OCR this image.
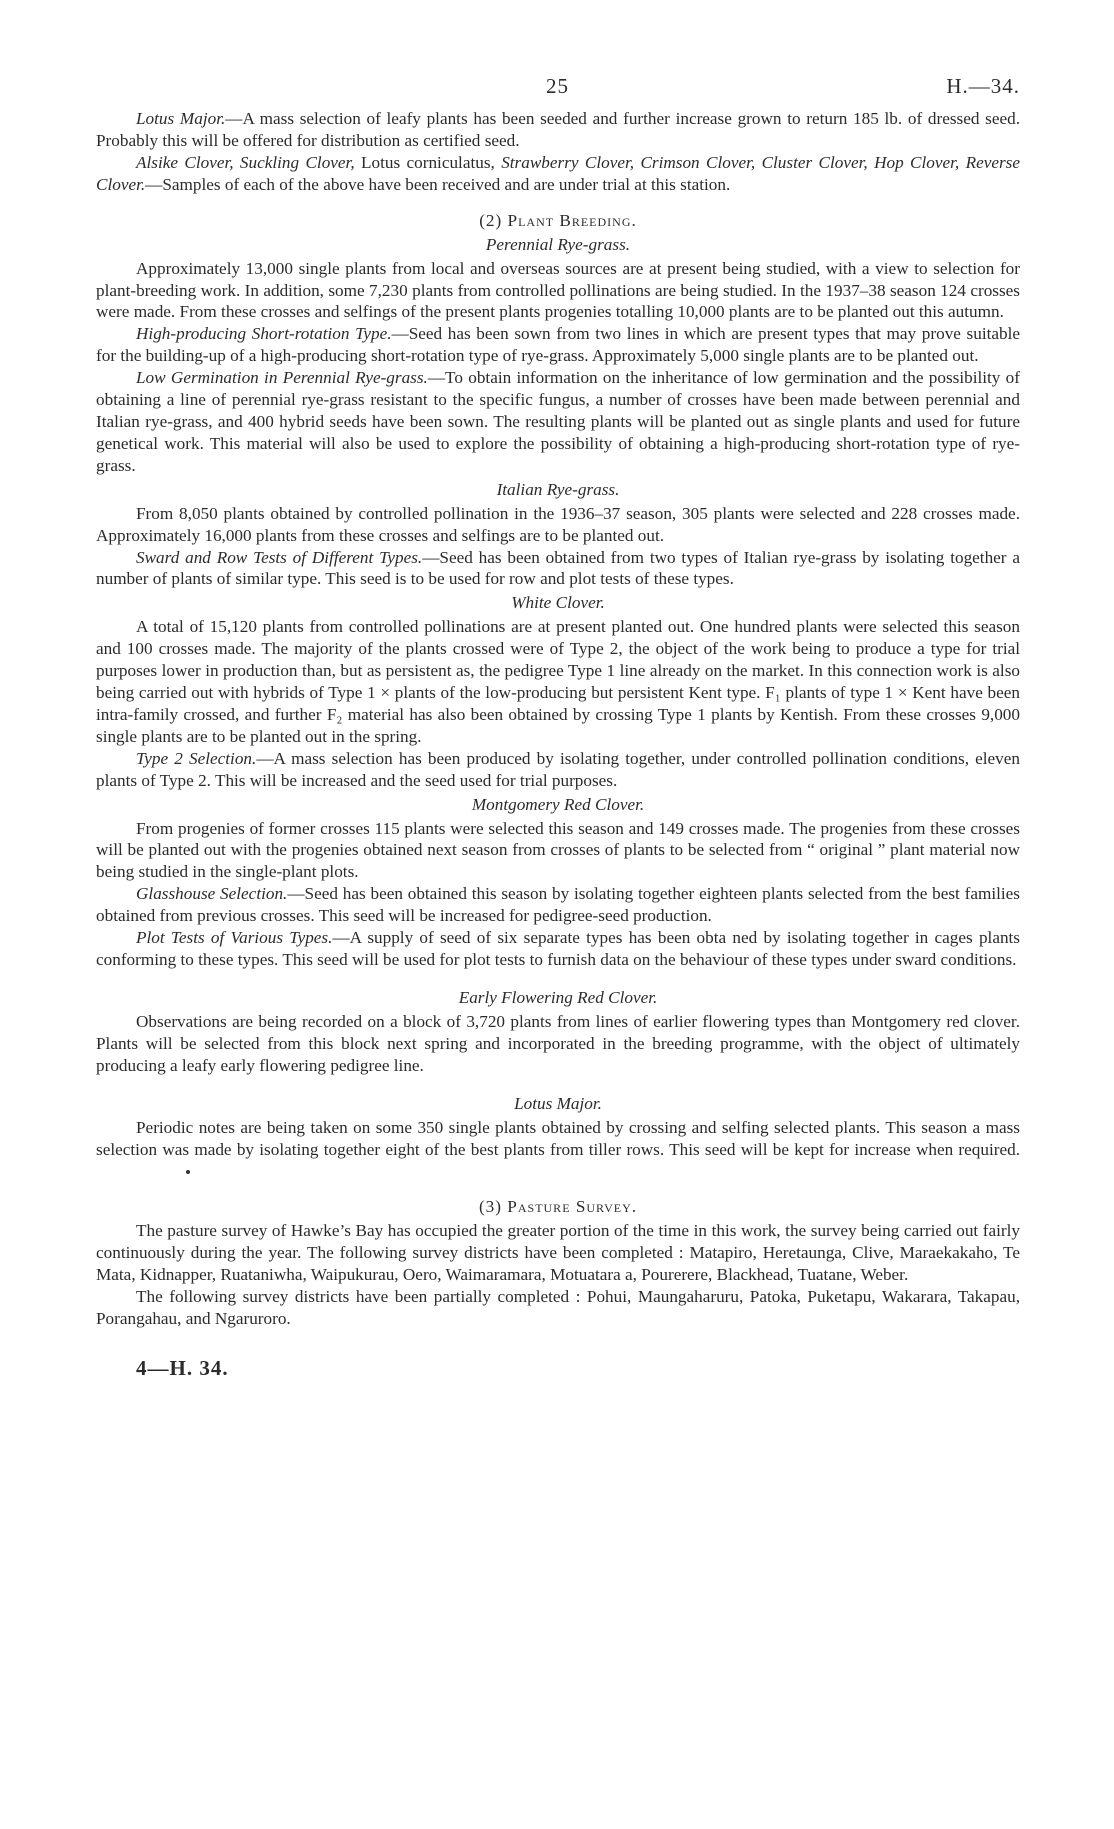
25	H.—34.

Lotus Major.—A mass selection of leafy plants has been seeded and further increase grown to return 185 lb. of dressed seed. Probably this will be offered for distribution as certified seed.

Alsike Clover, Suckling Clover, Lotus corniculatus, Strawberry Clover, Crimson Clover, Cluster Clover, Hop Clover, Reverse Clover.—Samples of each of the above have been received and are under trial at this station.

(2) Plant Breeding.
Perennial Rye-grass.

Approximately 13,000 single plants from local and overseas sources are at present being studied, with a view to selection for plant-breeding work. In addition, some 7,230 plants from controlled pollinations are being studied. In the 1937–38 season 124 crosses were made. From these crosses and selfings of the present plants progenies totalling 10,000 plants are to be planted out this autumn.

High-producing Short-rotation Type.—Seed has been sown from two lines in which are present types that may prove suitable for the building-up of a high-producing short-rotation type of rye-grass. Approximately 5,000 single plants are to be planted out.

Low Germination in Perennial Rye-grass.—To obtain information on the inheritance of low germination and the possibility of obtaining a line of perennial rye-grass resistant to the specific fungus, a number of crosses have been made between perennial and Italian rye-grass, and 400 hybrid seeds have been sown. The resulting plants will be planted out as single plants and used for future genetical work. This material will also be used to explore the possibility of obtaining a high-producing short-rotation type of rye-grass.

Italian Rye-grass.

From 8,050 plants obtained by controlled pollination in the 1936–37 season, 305 plants were selected and 228 crosses made. Approximately 16,000 plants from these crosses and selfings are to be planted out.

Sward and Row Tests of Different Types.—Seed has been obtained from two types of Italian rye-grass by isolating together a number of plants of similar type. This seed is to be used for row and plot tests of these types.

White Clover.

A total of 15,120 plants from controlled pollinations are at present planted out. One hundred plants were selected this season and 100 crosses made. The majority of the plants crossed were of Type 2, the object of the work being to produce a type for trial purposes lower in production than, but as persistent as, the pedigree Type 1 line already on the market. In this connection work is also being carried out with hybrids of Type 1 × plants of the low-producing but persistent Kent type. F₁ plants of type 1 × Kent have been intra-family crossed, and further F₂ material has also been obtained by crossing Type 1 plants by Kentish. From these crosses 9,000 single plants are to be planted out in the spring.

Type 2 Selection.—A mass selection has been produced by isolating together, under controlled pollination conditions, eleven plants of Type 2. This will be increased and the seed used for trial purposes.

Montgomery Red Clover.

From progenies of former crosses 115 plants were selected this season and 149 crosses made. The progenies from these crosses will be planted out with the progenies obtained next season from crosses of plants to be selected from “ original ” plant material now being studied in the single-plant plots.

Glasshouse Selection.—Seed has been obtained this season by isolating together eighteen plants selected from the best families obtained from previous crosses. This seed will be increased for pedigree-seed production.

Plot Tests of Various Types.—A supply of seed of six separate types has been obta ned by isolating together in cages plants conforming to these types. This seed will be used for plot tests to furnish data on the behaviour of these types under sward conditions.

Early Flowering Red Clover.

Observations are being recorded on a block of 3,720 plants from lines of earlier flowering types than Montgomery red clover. Plants will be selected from this block next spring and incorporated in the breeding programme, with the object of ultimately producing a leafy early flowering pedigree line.

Lotus Major.

Periodic notes are being taken on some 350 single plants obtained by crossing and selfing selected plants. This season a mass selection was made by isolating together eight of the best plants from tiller rows. This seed will be kept for increase when required.

(3) Pasture Survey.

The pasture survey of Hawke’s Bay has occupied the greater portion of the time in this work, the survey being carried out fairly continuously during the year. The following survey districts have been completed : Matapiro, Heretaunga, Clive, Maraekakaho, Te Mata, Kidnapper, Ruataniwha, Waipukurau, Oero, Waimaramara, Motuatara a, Pourerere, Blackhead, Tuatane, Weber.

The following survey districts have been partially completed : Pohui, Maungaharuru, Patoka, Puketapu, Wakarara, Takapau, Porangahau, and Ngaruroro.

4—H. 34.
